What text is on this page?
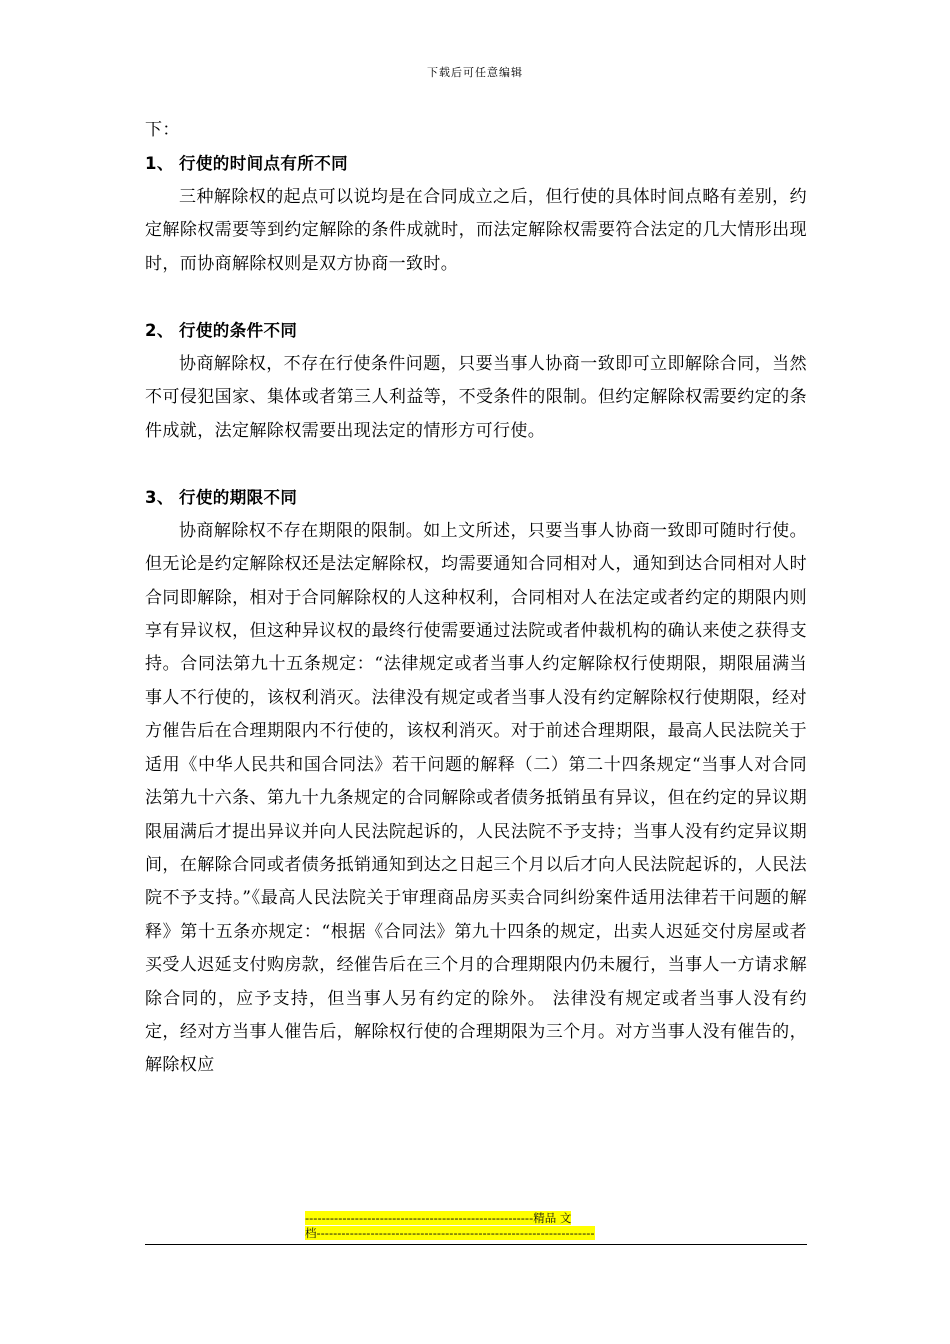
下载后可任意编辑

下：

1、 行使的时间点有所不同

三种解除权的起点可以说均是在合同成立之后，但行使的具体时间点略有差别，约定解除权需要等到约定解除的条件成就时，而法定解除权需要符合法定的几大情形出现时，而协商解除权则是双方协商一致时。

2、 行使的条件不同

协商解除权，不存在行使条件问题，只要当事人协商一致即可立即解除合同，当然不可侵犯国家、集体或者第三人利益等，不受条件的限制。但约定解除权需要约定的条件成就，法定解除权需要出现法定的情形方可行使。

3、 行使的期限不同

协商解除权不存在期限的限制。如上文所述，只要当事人协商一致即可随时行使。但无论是约定解除权还是法定解除权，均需要通知合同相对人，通知到达合同相对人时合同即解除，相对于合同解除权的人这种权利，合同相对人在法定或者约定的期限内则享有异议权，但这种异议权的最终行使需要通过法院或者仲裁机构的确认来使之获得支持。合同法第九十五条规定：“法律规定或者当事人约定解除权行使期限，期限届满当事人不行使的，该权利消灭。法律没有规定或者当事人没有约定解除权行使期限，经对方催告后在合理期限内不行使的，该权利消灭。对于前述合理期限，最高人民法院关于适用《中华人民共和国合同法》若干问题的解释（二）第二十四条规定“当事人对合同法第九十六条、第九十九条规定的合同解除或者债务抵销虽有异议，但在约定的异议期限届满后才提出异议并向人民法院起诉的，人民法院不予支持；当事人没有约定异议期间，在解除合同或者债务抵销通知到达之日起三个月以后才向人民法院起诉的，人民法院不予支持。”《最高人民法院关于审理商品房买卖合同纠纷案件适用法律若干问题的解释》第十五条亦规定：“根据《合同法》第九十四条的规定，出卖人迟延交付房屋或者买受人迟延支付购房款，经催告后在三个月的合理期限内仍未履行，当事人一方请求解除合同的，应予支持，但当事人另有约定的除外。 法律没有规定或者当事人没有约定，经对方当事人催告后，解除权行使的合理期限为三个月。对方当事人没有催告的，解除权应

-------------------------------------------------------精品 文
档-------------------------------------------------------------------
